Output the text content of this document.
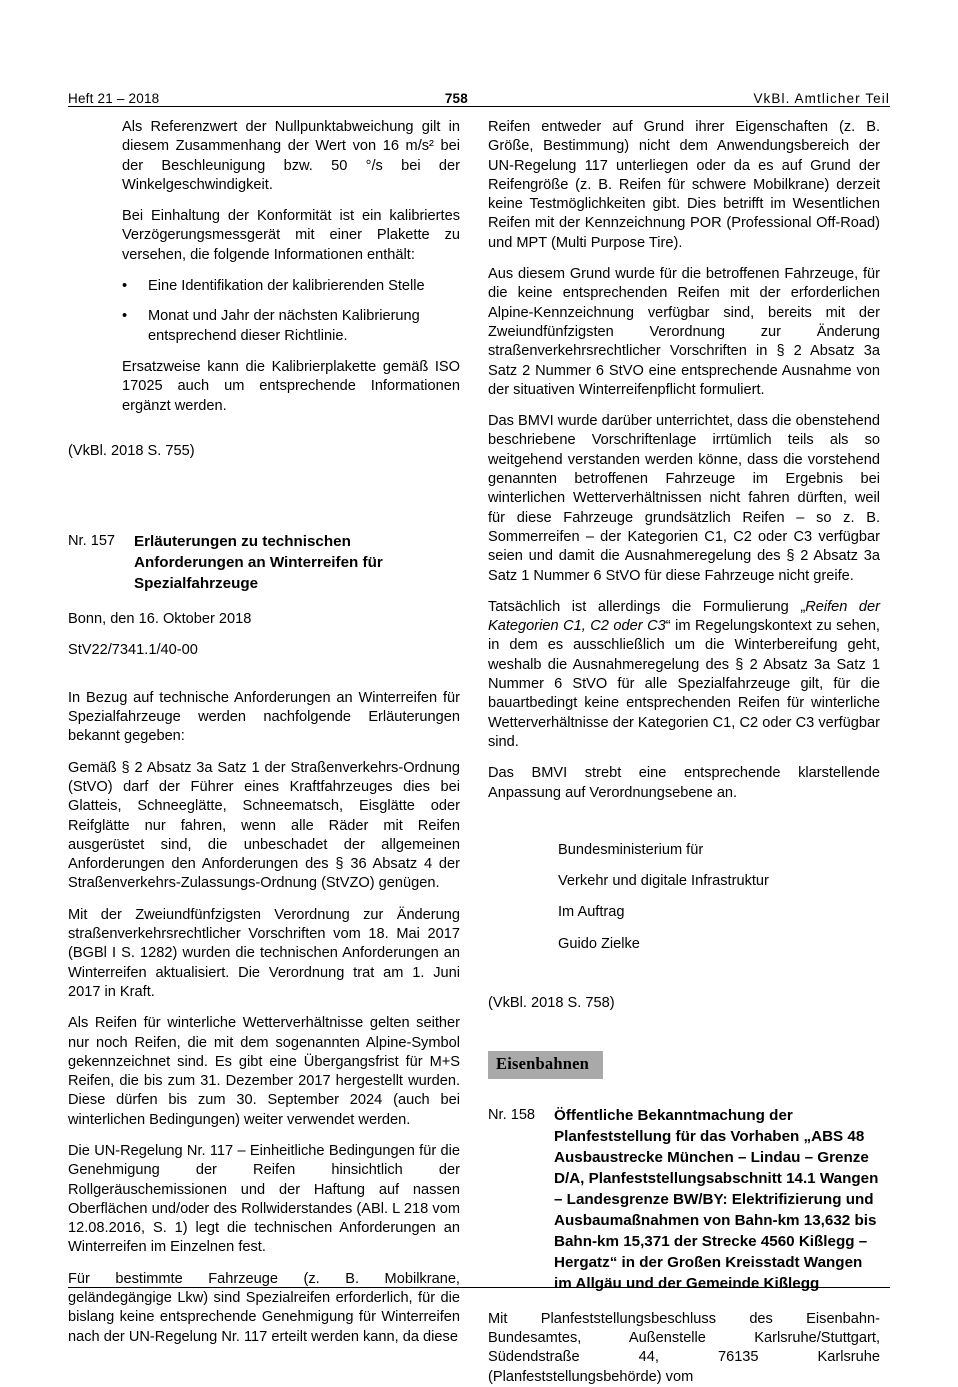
Heft 21 – 2018	758	VkBl. Amtlicher Teil

Als Referenzwert der Nullpunktabweichung gilt in diesem Zusammenhang der Wert von 16 m/s² bei der Beschleunigung bzw. 50 °/s bei der Winkelgeschwindigkeit.

Bei Einhaltung der Konformität ist ein kalibriertes Verzögerungsmessgerät mit einer Plakette zu versehen, die folgende Informationen enthält:

• Eine Identifikation der kalibrierenden Stelle
• Monat und Jahr der nächsten Kalibrierung entsprechend dieser Richtlinie.

Ersatzweise kann die Kalibrierplakette gemäß ISO 17025 auch um entsprechende Informationen ergänzt werden.

(VkBl. 2018 S. 755)

Nr. 157	Erläuterungen zu technischen Anforderungen an Winterreifen für Spezialfahrzeuge

Bonn, den 16. Oktober 2018

StV22/7341.1/40-00

In Bezug auf technische Anforderungen an Winterreifen für Spezialfahrzeuge werden nachfolgende Erläuterungen bekannt gegeben:

Gemäß § 2 Absatz 3a Satz 1 der Straßenverkehrs-Ordnung (StVO) darf der Führer eines Kraftfahrzeuges dies bei Glatteis, Schneeglätte, Schneematsch, Eisglätte oder Reifglätte nur fahren, wenn alle Räder mit Reifen ausgerüstet sind, die unbeschadet der allgemeinen Anforderungen den Anforderungen des § 36 Absatz 4 der Straßenverkehrs-Zulassungs-Ordnung (StVZO) genügen.

Mit der Zweiundfünfzigsten Verordnung zur Änderung straßenverkehrsrechtlicher Vorschriften vom 18. Mai 2017 (BGBl I S. 1282) wurden die technischen Anforderungen an Winterreifen aktualisiert. Die Verordnung trat am 1. Juni 2017 in Kraft.

Als Reifen für winterliche Wetterverhältnisse gelten seither nur noch Reifen, die mit dem sogenannten Alpine-Symbol gekennzeichnet sind. Es gibt eine Übergangsfrist für M+S Reifen, die bis zum 31. Dezember 2017 hergestellt wurden. Diese dürfen bis zum 30. September 2024 (auch bei winterlichen Bedingungen) weiter verwendet werden.

Die UN-Regelung Nr. 117 – Einheitliche Bedingungen für die Genehmigung der Reifen hinsichtlich der Rollgeräuschemissionen und der Haftung auf nassen Oberflächen und/oder des Rollwiderstandes (ABl. L 218 vom 12.08.2016, S. 1) legt die technischen Anforderungen an Winterreifen im Einzelnen fest.

Für bestimmte Fahrzeuge (z. B. Mobilkrane, geländegängige Lkw) sind Spezialreifen erforderlich, für die bislang keine entsprechende Genehmigung für Winterreifen nach der UN-Regelung Nr. 117 erteilt werden kann, da diese

Reifen entweder auf Grund ihrer Eigenschaften (z. B. Größe, Bestimmung) nicht dem Anwendungsbereich der UN-Regelung 117 unterliegen oder da es auf Grund der Reifengröße (z. B. Reifen für schwere Mobilkrane) derzeit keine Testmöglichkeiten gibt. Dies betrifft im Wesentlichen Reifen mit der Kennzeichnung POR (Professional Off-Road) und MPT (Multi Purpose Tire).

Aus diesem Grund wurde für die betroffenen Fahrzeuge, für die keine entsprechenden Reifen mit der erforderlichen Alpine-Kennzeichnung verfügbar sind, bereits mit der Zweiundfünfzigsten Verordnung zur Änderung straßenverkehrsrechtlicher Vorschriften in § 2 Absatz 3a Satz 2 Nummer 6 StVO eine entsprechende Ausnahme von der situativen Winterreifenpflicht formuliert.

Das BMVI wurde darüber unterrichtet, dass die obenstehend beschriebene Vorschriftenlage irrtümlich teils als so weitgehend verstanden werden könne, dass die vorstehend genannten betroffenen Fahrzeuge im Ergebnis bei winterlichen Wetterverhältnissen nicht fahren dürften, weil für diese Fahrzeuge grundsätzlich Reifen – so z. B. Sommerreifen – der Kategorien C1, C2 oder C3 verfügbar seien und damit die Ausnahmeregelung des § 2 Absatz 3a Satz 1 Nummer 6 StVO für diese Fahrzeuge nicht greife.

Tatsächlich ist allerdings die Formulierung „Reifen der Kategorien C1, C2 oder C3“ im Regelungskontext zu sehen, in dem es ausschließlich um die Winterbereifung geht, weshalb die Ausnahmeregelung des § 2 Absatz 3a Satz 1 Nummer 6 StVO für alle Spezialfahrzeuge gilt, für die bauartbedingt keine entsprechenden Reifen für winterliche Wetterverhältnisse der Kategorien C1, C2 oder C3 verfügbar sind.

Das BMVI strebt eine entsprechende klarstellende Anpassung auf Verordnungsebene an.

Bundesministerium für

Verkehr und digitale Infrastruktur

Im Auftrag

Guido Zielke

(VkBl. 2018 S. 758)

Eisenbahnen
Nr. 158	Öffentliche Bekanntmachung der Planfeststellung für das Vorhaben „ABS 48 Ausbaustrecke München – Lindau – Grenze D/A, Planfeststellungsabschnitt 14.1 Wangen – Landesgrenze BW/BY: Elektrifizierung und Ausbaumaßnahmen von Bahn-km 13,632 bis Bahn-km 15,371 der Strecke 4560 Kißlegg – Hergatz“ in der Großen Kreisstadt Wangen im Allgäu und der Gemeinde Kißlegg

Mit Planfeststellungsbeschluss des Eisenbahn-Bundesamtes, Außenstelle Karlsruhe/Stuttgart, Südendstraße 44, 76135 Karlsruhe (Planfeststellungsbehörde) vom
